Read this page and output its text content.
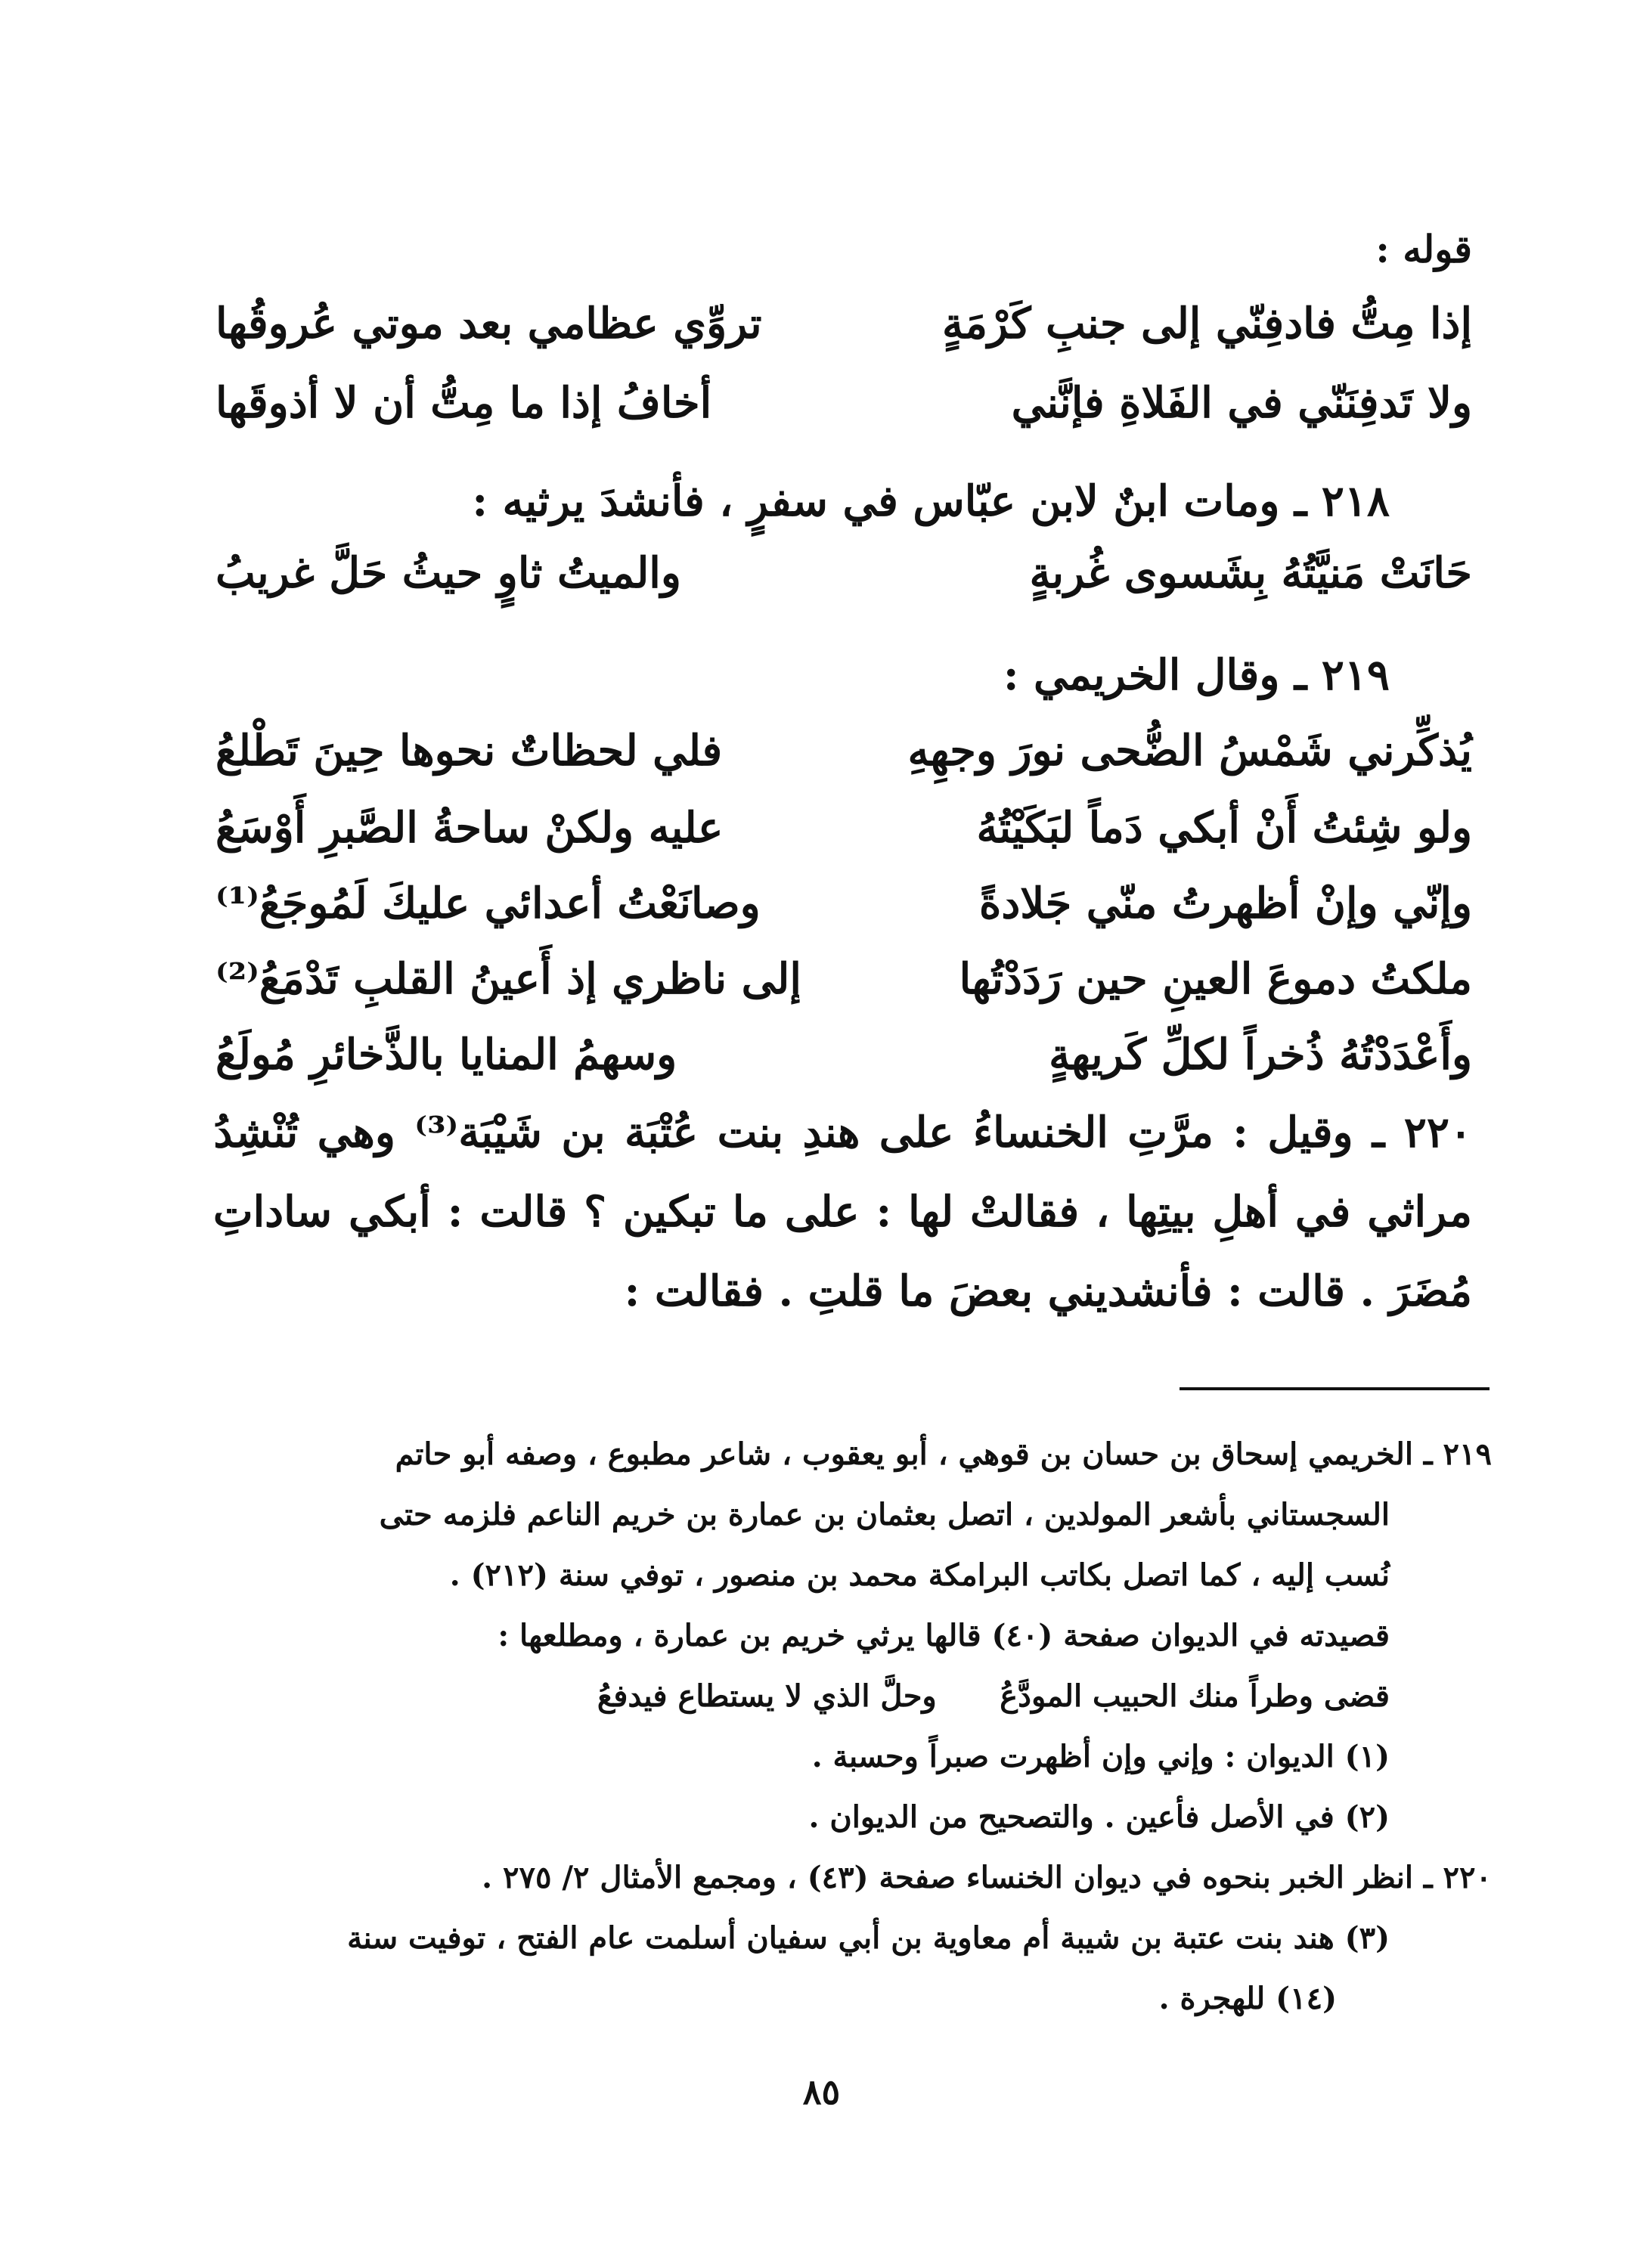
قوله :
إذا مِتُّ فادفِنّي إلى جنبِ كَرْمَةٍ
تروِّي عظامي بعد موتي عُروقُها
ولا تَدفِنَنّي في الفَلاةِ فإنَّني
أخافُ إذا ما مِتُّ أن لا أذوقَها
٢١٨ ـ ومات ابنٌ لابن عبّاس في سفرٍ ، فأنشدَ يرثيه :
حَانَتْ مَنيَّتُهُ بِشَسوى غُربةٍ
والميتُ ثاوٍ حيثُ حَلَّ غريبُ
٢١٩ ـ وقال الخريمي :
يُذكِّرني شَمْسُ الضُّحى نورَ وجهِهِ
فلي لحظاتٌ نحوها حِينَ تَطْلعُ
ولو شِئتُ أَنْ أبكي دَماً لبَكَيْتُهُ
عليه ولكنْ ساحةُ الصَّبرِ أَوْسَعُ
وإنّي وإنْ أظهرتُ منّي جَلادةً
وصانَعْتُ أعدائي عليكَ لَمُوجَعُ⁽¹⁾
ملكتُ دموعَ العينِ حين رَدَدْتُها
إلى ناظري إذ أَعينُ القلبِ تَدْمَعُ⁽²⁾
وأَعْدَدْتُهُ ذُخراً لكلِّ كَريهةٍ
وسهمُ المنايا بالذَّخائرِ مُولَعُ
٢٢٠ ـ وقيل : مرَّتِ الخنساءُ على هندِ بنت عُتْبَة بن شَيْبَة⁽³⁾ وهي تُنْشِدُ
مراثي في أهلِ بيتِها ، فقالتْ لها : على ما تبكين ؟ قالت : أبكي ساداتِ
مُضَرَ . قالت : فأنشديني بعضَ ما قلتِ . فقالت :
٢١٩ ـ الخريمي إسحاق بن حسان بن قوهي ، أبو يعقوب ، شاعر مطبوع ، وصفه أبو حاتم
السجستاني بأشعر المولدين ، اتصل بعثمان بن عمارة بن خريم الناعم فلزمه حتى
نُسب إليه ، كما اتصل بكاتب البرامكة محمد بن منصور ، توفي سنة (٢١٢) .
قصيدته في الديوان صفحة (٤٠) قالها يرثي خريم بن عمارة ، ومطلعها :
قضى وطراً منك الحبيب المودَّعُ      وحلَّ الذي لا يستطاع فيدفعُ
(١) الديوان : وإني وإن أظهرت صبراً وحسبة .
(٢) في الأصل فأعين . والتصحيح من الديوان .
٢٢٠ ـ انظر الخبر بنحوه في ديوان الخنساء صفحة (٤٣) ، ومجمع الأمثال ٢/ ٢٧٥ .
(٣) هند بنت عتبة بن شيبة أم معاوية بن أبي سفيان أسلمت عام الفتح ، توفيت سنة
(١٤) للهجرة .
٨٥
